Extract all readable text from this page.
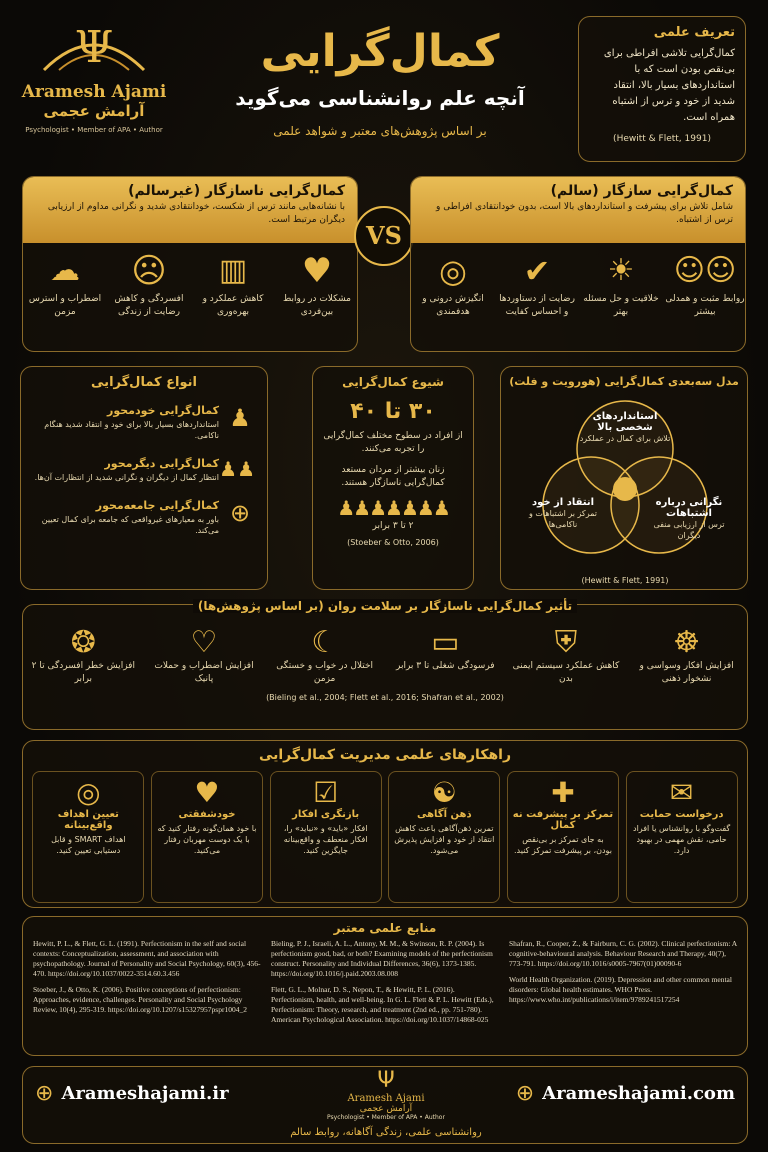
Ψ
Aramesh Ajami
آرامش عجمی
Psychologist • Member of APA • Author
کمال‌گرایی
آنچه علم روانشناسی می‌گوید
بر اساس پژوهش‌های معتبر و شواهد علمی
تعریف علمی
کمال‌گرایی تلاشی افراطی برای بی‌نقص بودن است که با استانداردهای بسیار بالا، انتقاد شدید از خود و ترس از اشتباه همراه است.
(Hewitt & Flett, 1991)
کمال‌گرایی ناسازگار (غیرسالم)
با نشانه‌هایی مانند ترس از شکست، خودانتقادی شدید و نگرانی مداوم از ارزیابی دیگران مرتبط است.
♥
مشکلات در روابط بین‌فردی
▥
کاهش عملکرد و بهره‌وری
☹
افسردگی و کاهش رضایت از زندگی
☁
اضطراب و استرس مزمن
VS
کمال‌گرایی سازگار (سالم)
شامل تلاش برای پیشرفت و استانداردهای بالا است، بدون خودانتقادی افراطی و ترس از اشتباه.
☺☺
روابط مثبت و همدلی بیشتر
☀
خلاقیت و حل مسئله بهتر
✔
رضایت از دستاوردها و احساس کفایت
◎
انگیزش درونی و هدفمندی
انواع کمال‌گرایی
کمال‌گرایی خودمحور
استانداردهای بسیار بالا برای خود و انتقاد شدید هنگام ناکامی.
♟
کمال‌گرایی دیگرمحور
انتظار کمال از دیگران و نگرانی شدید از انتظارات آن‌ها. ♟♟
کمال‌گرایی جامعه‌محور
باور به معیارهای غیرواقعی که جامعه برای کمال تعیین می‌کند.
⊕
شیوع کمال‌گرایی
۳۰ تا ۴۰
از افراد در سطوح مختلف کمال‌گرایی را تجربه می‌کنند.
زنان بیشتر از مردان مستعد کمال‌گرایی ناسازگار هستند.
♟♟♟♟♟♟♟
۲ تا ۳ برابر
(Stoeber & Otto, 2006)
مدل سه‌بعدی کمال‌گرایی (هورویت و فلت)
استانداردهای شخصی بالا
تلاش برای کمال در عملکرد
انتقاد از خود
تمرکز بر اشتباهات و ناکامی‌ها
نگرانی درباره اشتباهات
ترس از ارزیابی منفی دیگران
(Hewitt & Flett, 1991)
تأثیر کمال‌گرایی ناسازگار بر سلامت روان (بر اساس پژوهش‌ها)
☸
افزایش افکار وسواسی و نشخوار ذهنی
⛨
کاهش عملکرد سیستم ایمنی بدن
▭
فرسودگی شغلی تا ۳ برابر
☾
اختلال در خواب و خستگی مزمن
♡
افزایش اضطراب و حملات پانیک
❂
افزایش خطر افسردگی تا ۲ برابر
(Bieling et al., 2004; Flett et al., 2016; Shafran et al., 2002)
راهکارهای علمی مدیریت کمال‌گرایی
✉
درخواست حمایت
گفت‌وگو با روانشناس یا افراد حامی، نقش مهمی در بهبود دارد.
✚
تمرکز بر پیشرفت نه کمال
به جای تمرکز بر بی‌نقص بودن، بر پیشرفت تمرکز کنید.
☯
ذهن آگاهی
تمرین ذهن‌آگاهی باعث کاهش انتقاد از خود و افزایش پذیرش می‌شود.
☑
بازنگری افکار
افکار «باید» و «نباید» را، افکار منعطف و واقع‌بینانه جایگزین کنید.
♥
خودشفقتی
با خود همان‌گونه رفتار کنید که با یک دوست مهربان رفتار می‌کنید.
◎
تعیین اهداف واقع‌بینانه
اهداف SMART و قابل دستیابی تعیین کنید.
منابع علمی معتبر
Hewitt, P. L., & Flett, G. L. (1991). Perfectionism in the self and social contexts: Conceptualization, assessment, and association with psychopathology. Journal of Personality and Social Psychology, 60(3), 456-470. https://doi.org/10.1037/0022-3514.60.3.456
Stoeber, J., & Otto, K. (2006). Positive conceptions of perfectionism: Approaches, evidence, challenges. Personality and Social Psychology Review, 10(4), 295-319. https://doi.org/10.1207/s15327957pspr1004_2
Bieling, P. J., Israeli, A. L., Antony, M. M., & Swinson, R. P. (2004). Is perfectionism good, bad, or both? Examining models of the perfectionism construct. Personality and Individual Differences, 36(6), 1373-1385. https://doi.org/10.1016/j.paid.2003.08.008
Flett, G. L., Molnar, D. S., Nepon, T., & Hewitt, P. L. (2016). Perfectionism, health, and well-being. In G. L. Flett & P. L. Hewitt (Eds.), Perfectionism: Theory, research, and treatment (2nd ed., pp. 751-780). American Psychological Association. https://doi.org/10.1037/14868-025
Shafran, R., Cooper, Z., & Fairburn, C. G. (2002). Clinical perfectionism: A cognitive-behavioural analysis. Behaviour Research and Therapy, 40(7), 773-791. https://doi.org/10.1016/s0005-7967(01)00090-6
World Health Organization. (2019). Depression and other common mental disorders: Global health estimates. WHO Press. https://www.who.int/publications/i/item/9789241517254
⊕ Arameshajami.ir
Ψ
Aramesh Ajami
آرامش عجمی
Psychologist • Member of APA • Author
⊕ Arameshajami.com
روانشناسی علمی، زندگی آگاهانه، روابط سالم
